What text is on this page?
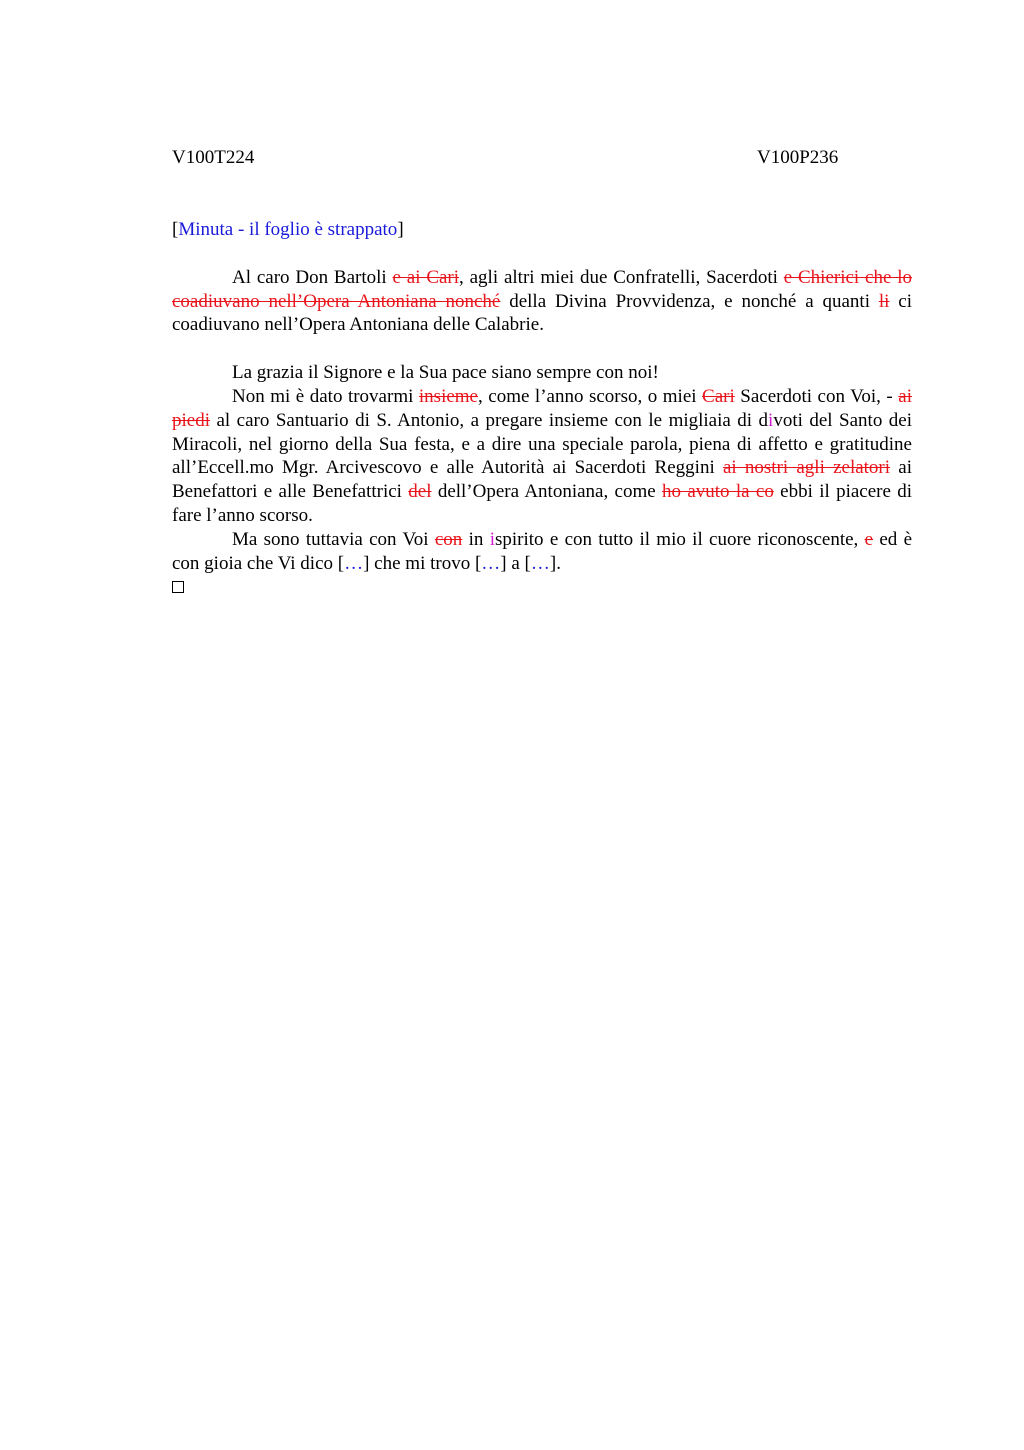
V100T224	V100P236

[Minuta - il foglio è strappato]

Al caro Don Bartoli e ai Cari, agli altri miei due Confratelli, Sacerdoti e Chierici che lo coadiuvano nell’Opera Antoniana nonché della Divina Provvidenza, e nonché a quanti li ci coadiuvano nell’Opera Antoniana delle Calabrie.

La grazia il Signore e la Sua pace siano sempre con noi!

Non mi è dato trovarmi insieme, come l’anno scorso, o miei Cari Sacerdoti con Voi, - ai piedi al caro Santuario di S. Antonio, a pregare insieme con le migliaia di divoti del Santo dei Miracoli, nel giorno della Sua festa, e a dire una speciale parola, piena di affetto e gratitudine all’Eccell.mo Mgr. Arcivescovo e alle Autorità ai Sacerdoti Reggini ai nostri agli zelatori ai Benefattori e alle Benefattrici del dell’Opera Antoniana, come ho avuto la co ebbi il piacere di fare l’anno scorso.

Ma sono tuttavia con Voi con in ispirito e con tutto il mio il cuore riconoscente, e ed è con gioia che Vi dico […] che mi trovo […] a […].
